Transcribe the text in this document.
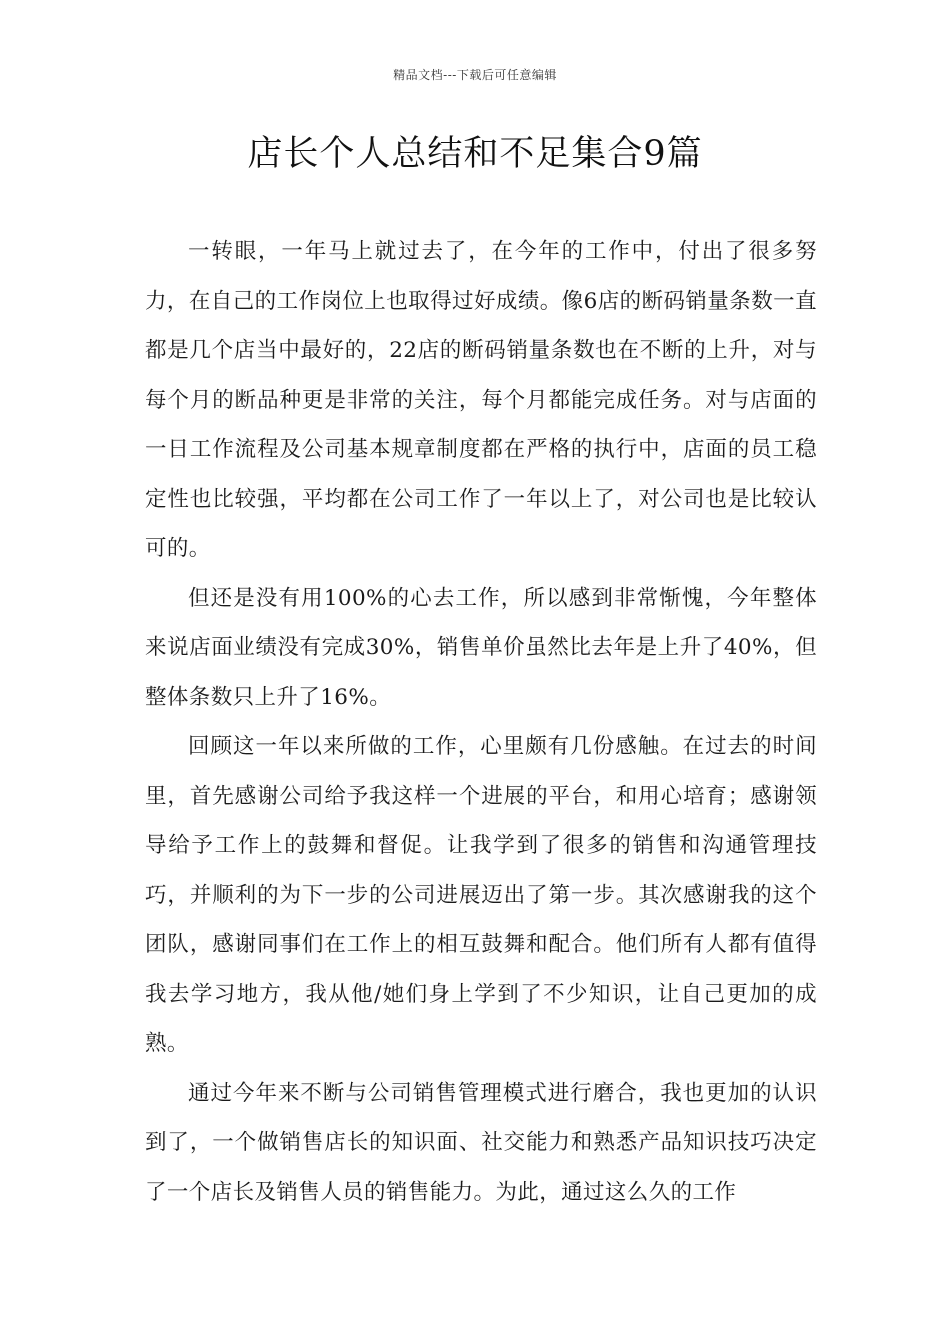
精品文档---下载后可任意编辑
店长个人总结和不足集合9篇

一转眼，一年马上就过去了，在今年的工作中，付出了很多努力，在自己的工作岗位上也取得过好成绩。像6店的断码销量条数一直都是几个店当中最好的，22店的断码销量条数也在不断的上升，对与每个月的断品种更是非常的关注，每个月都能完成任务。对与店面的一日工作流程及公司基本规章制度都在严格的执行中，店面的员工稳定性也比较强，平均都在公司工作了一年以上了，对公司也是比较认可的。

但还是没有用100%的心去工作，所以感到非常惭愧，今年整体来说店面业绩没有完成30%，销售单价虽然比去年是上升了40%，但整体条数只上升了16%。

回顾这一年以来所做的工作，心里颇有几份感触。在过去的时间里，首先感谢公司给予我这样一个进展的平台，和用心培育；感谢领导给予工作上的鼓舞和督促。让我学到了很多的销售和沟通管理技巧，并顺利的为下一步的公司进展迈出了第一步。其次感谢我的这个团队，感谢同事们在工作上的相互鼓舞和配合。他们所有人都有值得我去学习地方，我从他/她们身上学到了不少知识，让自己更加的成熟。

通过今年来不断与公司销售管理模式进行磨合，我也更加的认识到了，一个做销售店长的知识面、社交能力和熟悉产品知识技巧决定了一个店长及销售人员的销售能力。为此，通过这么久的工作
